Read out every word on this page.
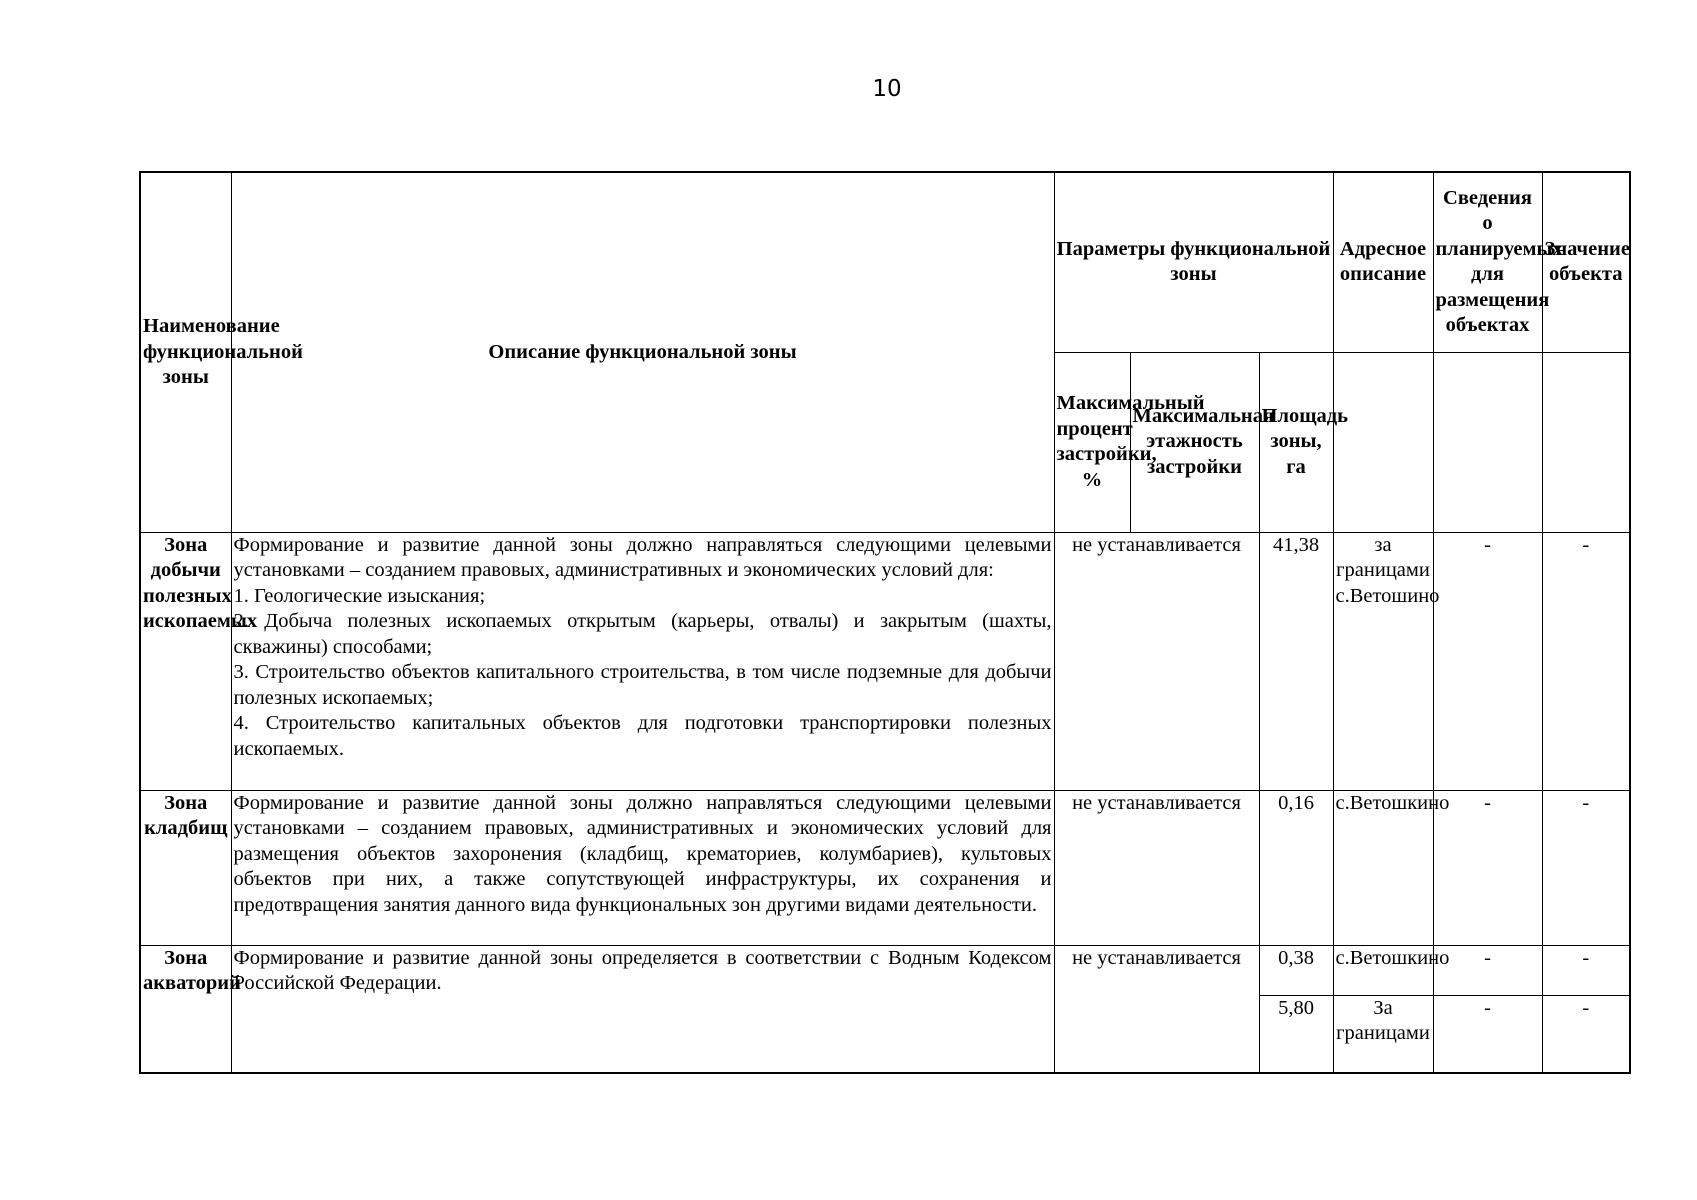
10
Наименование функциональной зоны	Описание функциональной зоны	Параметры функциональной зоны			Адресное описание	Сведения о планируемых для размещения объектах	Значение объекта
		Максимальный процент застройки, %	Максимальная этажность застройки	Площадь зоны, га			
Зона добычи полезных ископаемых	Формирование и развитие данной зоны должно направляться следующими целевыми установками – созданием правовых, административных и экономических условий для:

1. Геологические изыскания;

2. Добыча полезных ископаемых открытым (карьеры, отвалы) и закрытым (шахты, скважины) способами;

3. Строительство объектов капитального строительства, в том числе подземные для добычи полезных ископаемых;

4. Строительство капитальных объектов для подготовки транспортировки полезных ископаемых.	не устанавливается		41,38	за границами с.Ветошино	-	-
Зона кладбищ	Формирование и развитие данной зоны должно направляться следующими целевыми установками – созданием правовых, административных и экономических условий для размещения объектов захоронения (кладбищ, крематориев, колумбариев), культовых объектов при них, а также сопутствующей инфраструктуры, их сохранения и предотвращения занятия данного вида функциональных зон другими видами деятельности.	не устанавливается		0,16	с.Ветошкино	-	-
Зона акваторий	Формирование и развитие данной зоны определяется в соответствии с Водным Кодексом Российской Федерации.	не устанавливается		0,38	с.Ветошкино	-	-
				5,80	За границами	-	-
